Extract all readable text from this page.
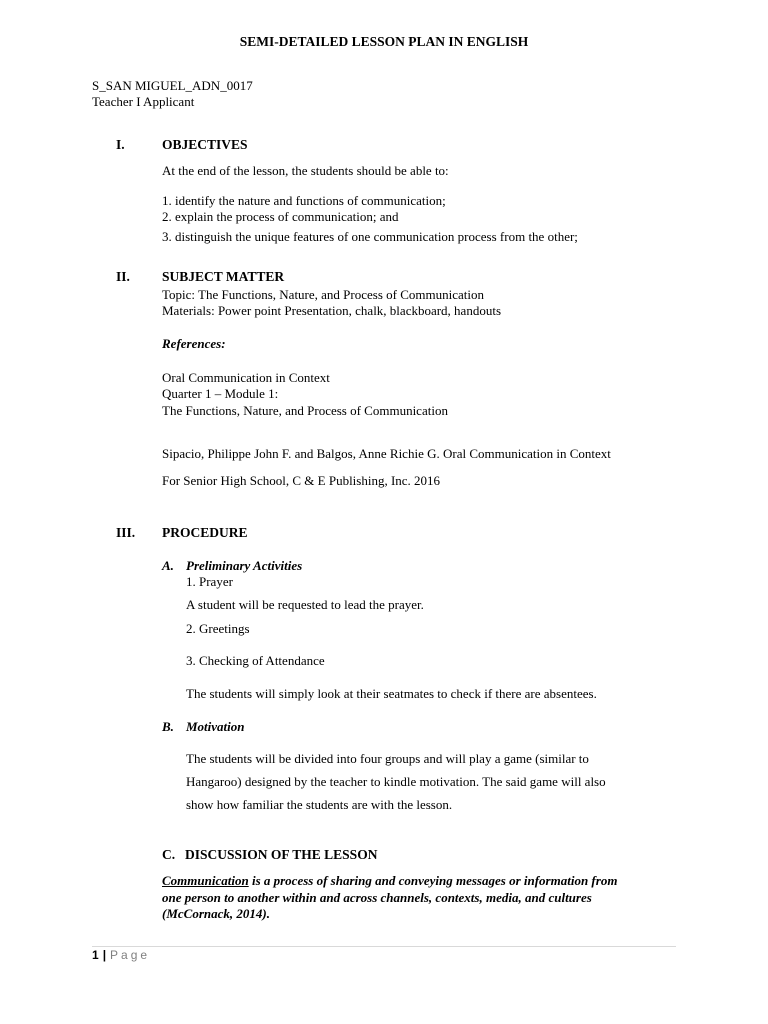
SEMI-DETAILED LESSON PLAN IN ENGLISH
S_SAN MIGUEL_ADN_0017
Teacher I Applicant
I.	OBJECTIVES
At the end of the lesson, the students should be able to:
1. identify the nature and functions of communication;
2. explain the process of communication; and
3. distinguish the unique features of one communication process from the other;
II. SUBJECT MATTER
Topic: The Functions, Nature, and Process of Communication
Materials: Power point Presentation, chalk, blackboard, handouts
References:
Oral Communication in Context
Quarter 1 – Module 1:
The Functions, Nature, and Process of Communication
Sipacio, Philippe John F. and Balgos, Anne Richie G. Oral Communication in Context
For Senior High School, C & E Publishing, Inc. 2016
III. PROCEDURE
A. Preliminary Activities
1. Prayer
A student will be requested to lead the prayer.
2. Greetings
3. Checking of Attendance
The students will simply look at their seatmates to check if there are absentees.
B. Motivation
The students will be divided into four groups and will play a game (similar to
Hangaroo) designed by the teacher to kindle motivation. The said game will also
show how familiar the students are with the lesson.
C. DISCUSSION OF THE LESSON
Communication is a process of sharing and conveying messages or information from
one person to another within and across channels, contexts, media, and cultures
(McCornack, 2014).
1 | Page
